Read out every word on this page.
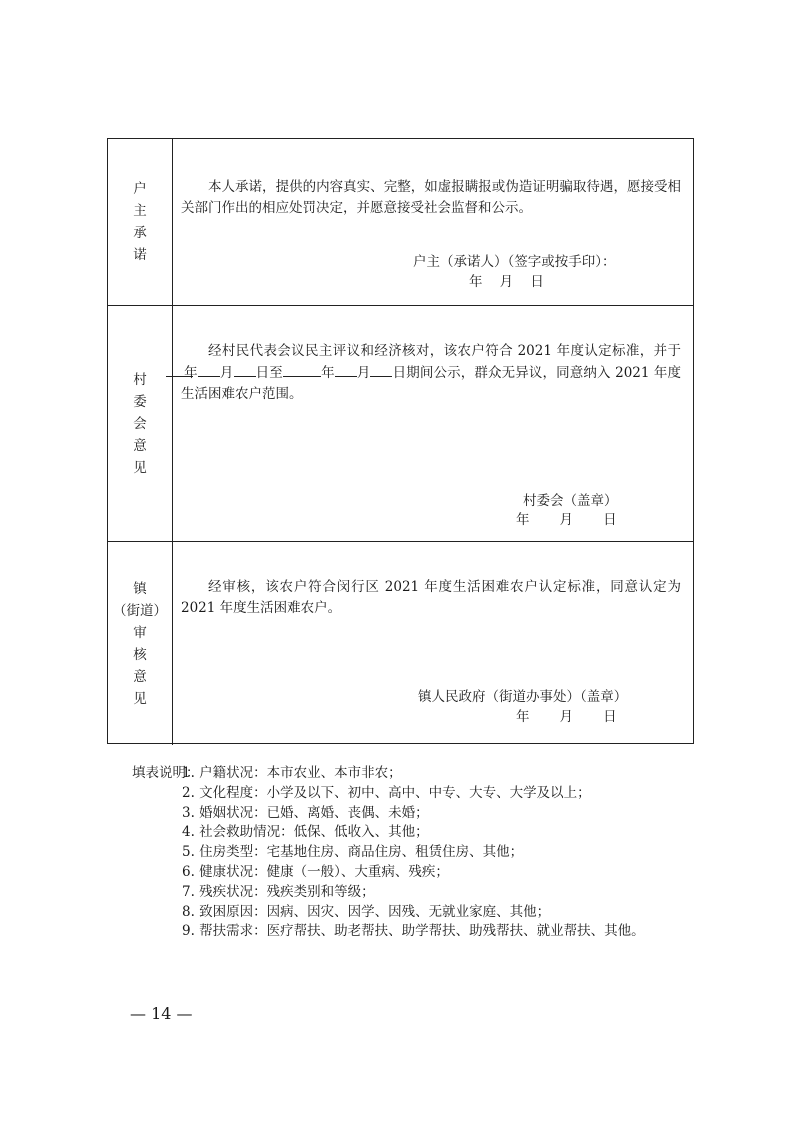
户
主
承
诺
本人承诺，提供的内容真实、完整，如虚报瞒报或伪造证明骗取待遇，愿接受相关部门作出的相应处罚决定，并愿意接受社会监督和公示。
户主（承诺人）（签字或按手印）：
年    月    日
村
委
会
意
见
经村民代表会议民主评议和经济核对，该农户符合 2021 年度认定标准，并于年 月 日至	年 月 日期间公示，群众无异议，同意纳入 2021 年度生活困难农户范围。
村委会（盖章）
年       月       日
镇
（街道）
审
核
意
见
经审核，该农户符合闵行区 2021 年度生活困难农户认定标准，同意认定为 2021 年度生活困难农户。
镇人民政府（街道办事处）（盖章）
年       月       日
填表说明：
1. 户籍状况：本市农业、本市非农；
2. 文化程度：小学及以下、初中、高中、中专、大专、大学及以上；
3. 婚姻状况：已婚、离婚、丧偶、未婚；
4. 社会救助情况：低保、低收入、其他；
5. 住房类型：宅基地住房、商品住房、租赁住房、其他；
6. 健康状况：健康（一般）、大重病、残疾；
7. 残疾状况：残疾类别和等级；
8. 致困原因：因病、因灾、因学、因残、无就业家庭、其他；
9. 帮扶需求：医疗帮扶、助老帮扶、助学帮扶、助残帮扶、就业帮扶、其他。
— 14 —
